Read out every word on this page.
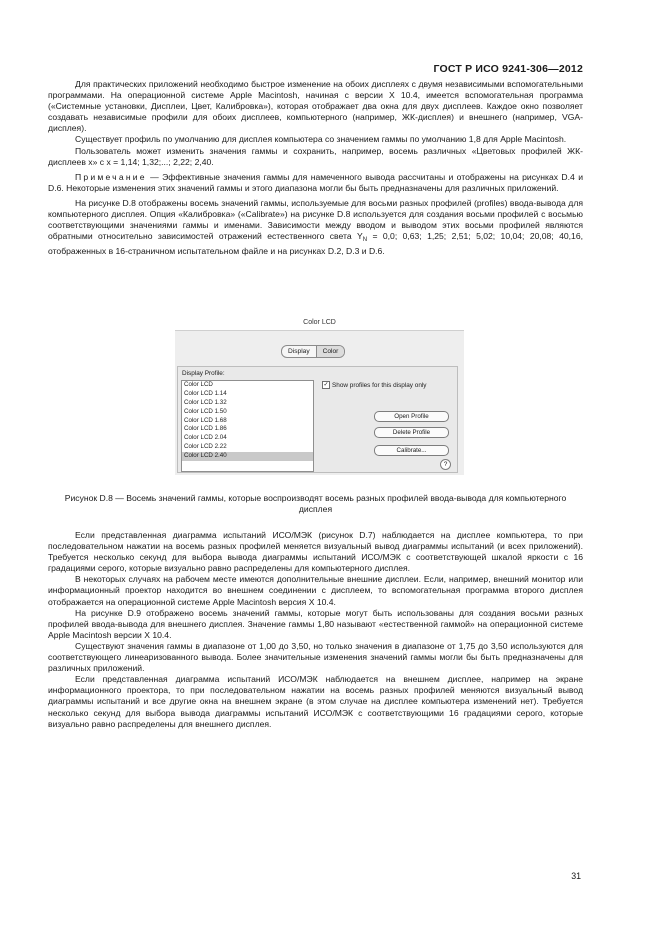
ГОСТ Р ИСО 9241-306—2012

Для практических приложений необходимо быстрое изменение на обоих дисплеях с двумя независимыми вспомогательными программами. На операционной системе Apple Macintosh, начиная с версии X 10.4, имеется вспомогательная программа («Системные установки, Дисплеи, Цвет, Калибровка»), которая отображает два окна для двух дисплеев. Каждое окно позволяет создавать независимые профили для обоих дисплеев, компьютерного (например, ЖК-дисплея) и внешнего (например, VGA-дисплея).

Существует профиль по умолчанию для дисплея компьютера со значением гаммы по умолчанию 1,8 для Apple Macintosh.

Пользователь может изменить значения гаммы и сохранить, например, восемь различных «Цветовых профилей ЖК-дисплеев x» с x = 1,14; 1,32;...; 2,22; 2,40.

Примечание — Эффективные значения гаммы для намеченного вывода рассчитаны и отображены на рисунках D.4 и D.6. Некоторые изменения этих значений гаммы и этого диапазона могли бы быть предназначены для различных приложений.

На рисунке D.8 отображены восемь значений гаммы, используемые для восьми разных профилей (profiles) ввода-вывода для компьютерного дисплея. Опция «Калибровка» («Calibrate») на рисунке D.8 используется для создания восьми профилей с восьмью соответствующими значениями гаммы и именами. Зависимости между вводом и выводом этих восьми профилей являются обратными относительно зависимостей отражений естественного света $Y_N = 0,0$; 0,63; 1,25; 2,51; 5,02; 10,04; 20,08; 40,16, отображенных в 16-страничном испытательном файле и на рисунках D.2, D.3 и D.6.

Color LCD
Display	Color
Display Profile:
Color LCD
Color LCD 1.14
Color LCD 1.32
Color LCD 1.50
Color LCD 1.68
Color LCD 1.86
Color LCD 2.04
Color LCD 2.22
Color LCD 2.40
✓ Show profiles for this display only
Open Profile
Delete Profile
Calibrate...
?
Рисунок D.8 — Восемь значений гаммы, которые воспроизводят восемь разных профилей ввода-вывода для компьютерного дисплея

Если представленная диаграмма испытаний ИСО/МЭК (рисунок D.7) наблюдается на дисплее компьютера, то при последовательном нажатии на восемь разных профилей меняется визуальный вывод диаграммы испытаний (и всех приложений). Требуется несколько секунд для выбора вывода диаграммы испытаний ИСО/МЭК с соответствующей шкалой яркости с 16 градациями серого, которые визуально равно распределены для компьютерного дисплея.

В некоторых случаях на рабочем месте имеются дополнительные внешние дисплеи. Если, например, внешний монитор или информационный проектор находится во внешнем соединении с дисплеем, то вспомогательная программа второго дисплея отображается на операционной системе Apple Macintosh версия X 10.4.

На рисунке D.9 отображено восемь значений гаммы, которые могут быть использованы для создания восьми разных профилей ввода-вывода для внешнего дисплея. Значение гаммы 1,80 называют «естественной гаммой» на операционной системе Apple Macintosh версии X 10.4.

Существуют значения гаммы в диапазоне от 1,00 до 3,50, но только значения в диапазоне от 1,75 до 3,50 используются для соответствующего линеаризованного вывода. Более значительные изменения значений гаммы могли бы быть предназначены для различных приложений.

Если представленная диаграмма испытаний ИСО/МЭК наблюдается на внешнем дисплее, например на экране информационного проектора, то при последовательном нажатии на восемь разных профилей меняются визуальный вывод диаграммы испытаний и все другие окна на внешнем экране (в этом случае на дисплее компьютера изменений нет). Требуется несколько секунд для выбора вывода диаграммы испытаний ИСО/МЭК с соответствующими 16 градациями серого, которые визуально равно распределены для внешнего дисплея.

31
